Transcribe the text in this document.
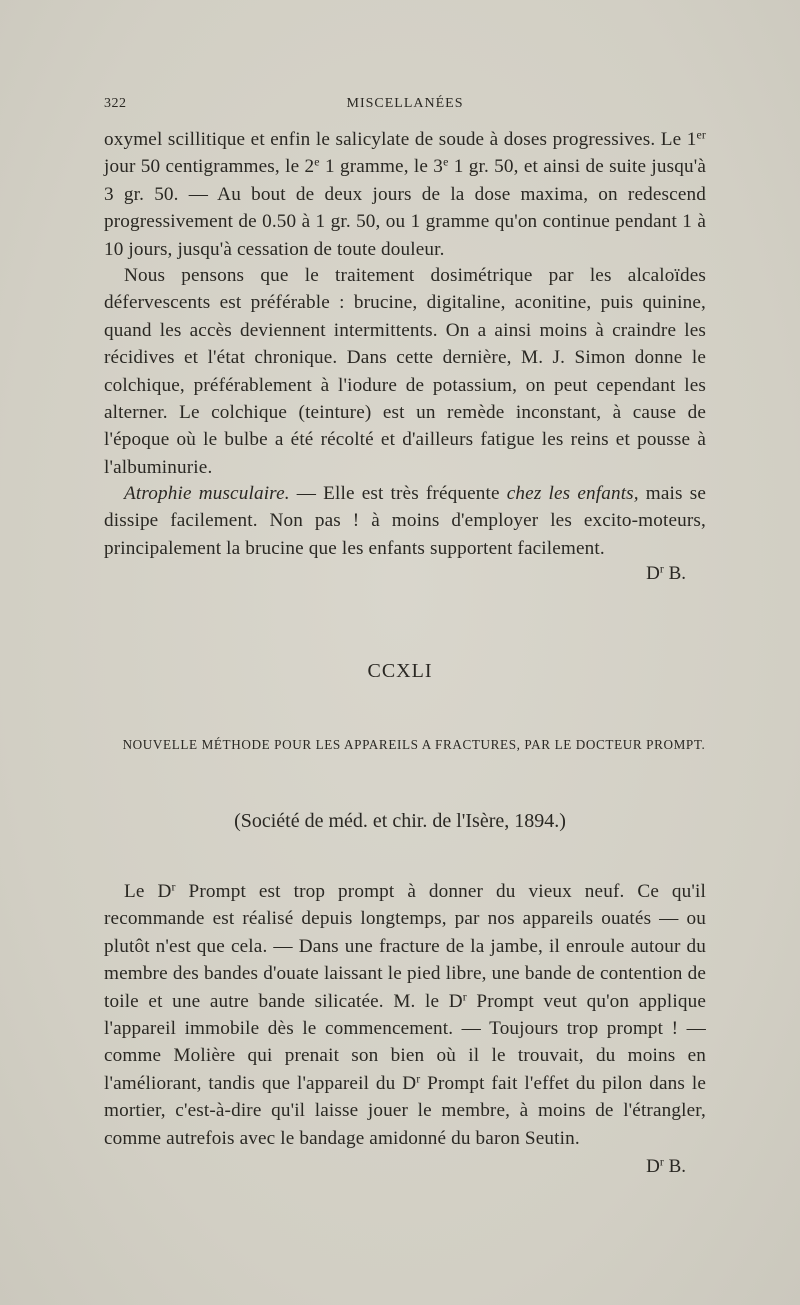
322	MISCELLANÉES

oxymel scillitique et enfin le salicylate de soude à doses progressives. Le 1er jour 50 centigrammes, le 2e 1 gramme, le 3e 1 gr. 50, et ainsi de suite jusqu'à 3 gr. 50. — Au bout de deux jours de la dose maxima, on redescend progressivement de 0.50 à 1 gr. 50, ou 1 gramme qu'on continue pendant 1 à 10 jours, jusqu'à cessation de toute douleur.

Nous pensons que le traitement dosimétrique par les alcaloïdes défervescents est préférable : brucine, digitaline, aconitine, puis quinine, quand les accès deviennent intermittents. On a ainsi moins à craindre les récidives et l'état chronique. Dans cette dernière, M. J. Simon donne le colchique, préférablement à l'iodure de potassium, on peut cependant les alterner. Le colchique (teinture) est un remède inconstant, à cause de l'époque où le bulbe a été récolté et d'ailleurs fatigue les reins et pousse à l'albuminurie.

Atrophie musculaire. — Elle est très fréquente chez les enfants, mais se dissipe facilement. Non pas ! à moins d'employer les excito-moteurs, principalement la brucine que les enfants supportent facilement.

$D^r$ B.
CCXLI
NOUVELLE MÉTHODE POUR LES APPAREILS A FRACTURES, PAR LE DOCTEUR PROMPT.
(Société de méd. et chir. de l'Isère, 1894.)

Le $D^r$ Prompt est trop prompt à donner du vieux neuf. Ce qu'il recommande est réalisé depuis longtemps, par nos appareils ouatés — ou plutôt n'est que cela. — Dans une fracture de la jambe, il enroule autour du membre des bandes d'ouate laissant le pied libre, une bande de contention de toile et une autre bande silicatée. M. le $D^r$ Prompt veut qu'on applique l'appareil immobile dès le commencement. — Toujours trop prompt ! — comme Molière qui prenait son bien où il le trouvait, du moins en l'améliorant, tandis que l'appareil du $D^r$ Prompt fait l'effet du pilon dans le mortier, c'est-à-dire qu'il laisse jouer le membre, à moins de l'étrangler, comme autrefois avec le bandage amidonné du baron Seutin.

$D^r$ B.
